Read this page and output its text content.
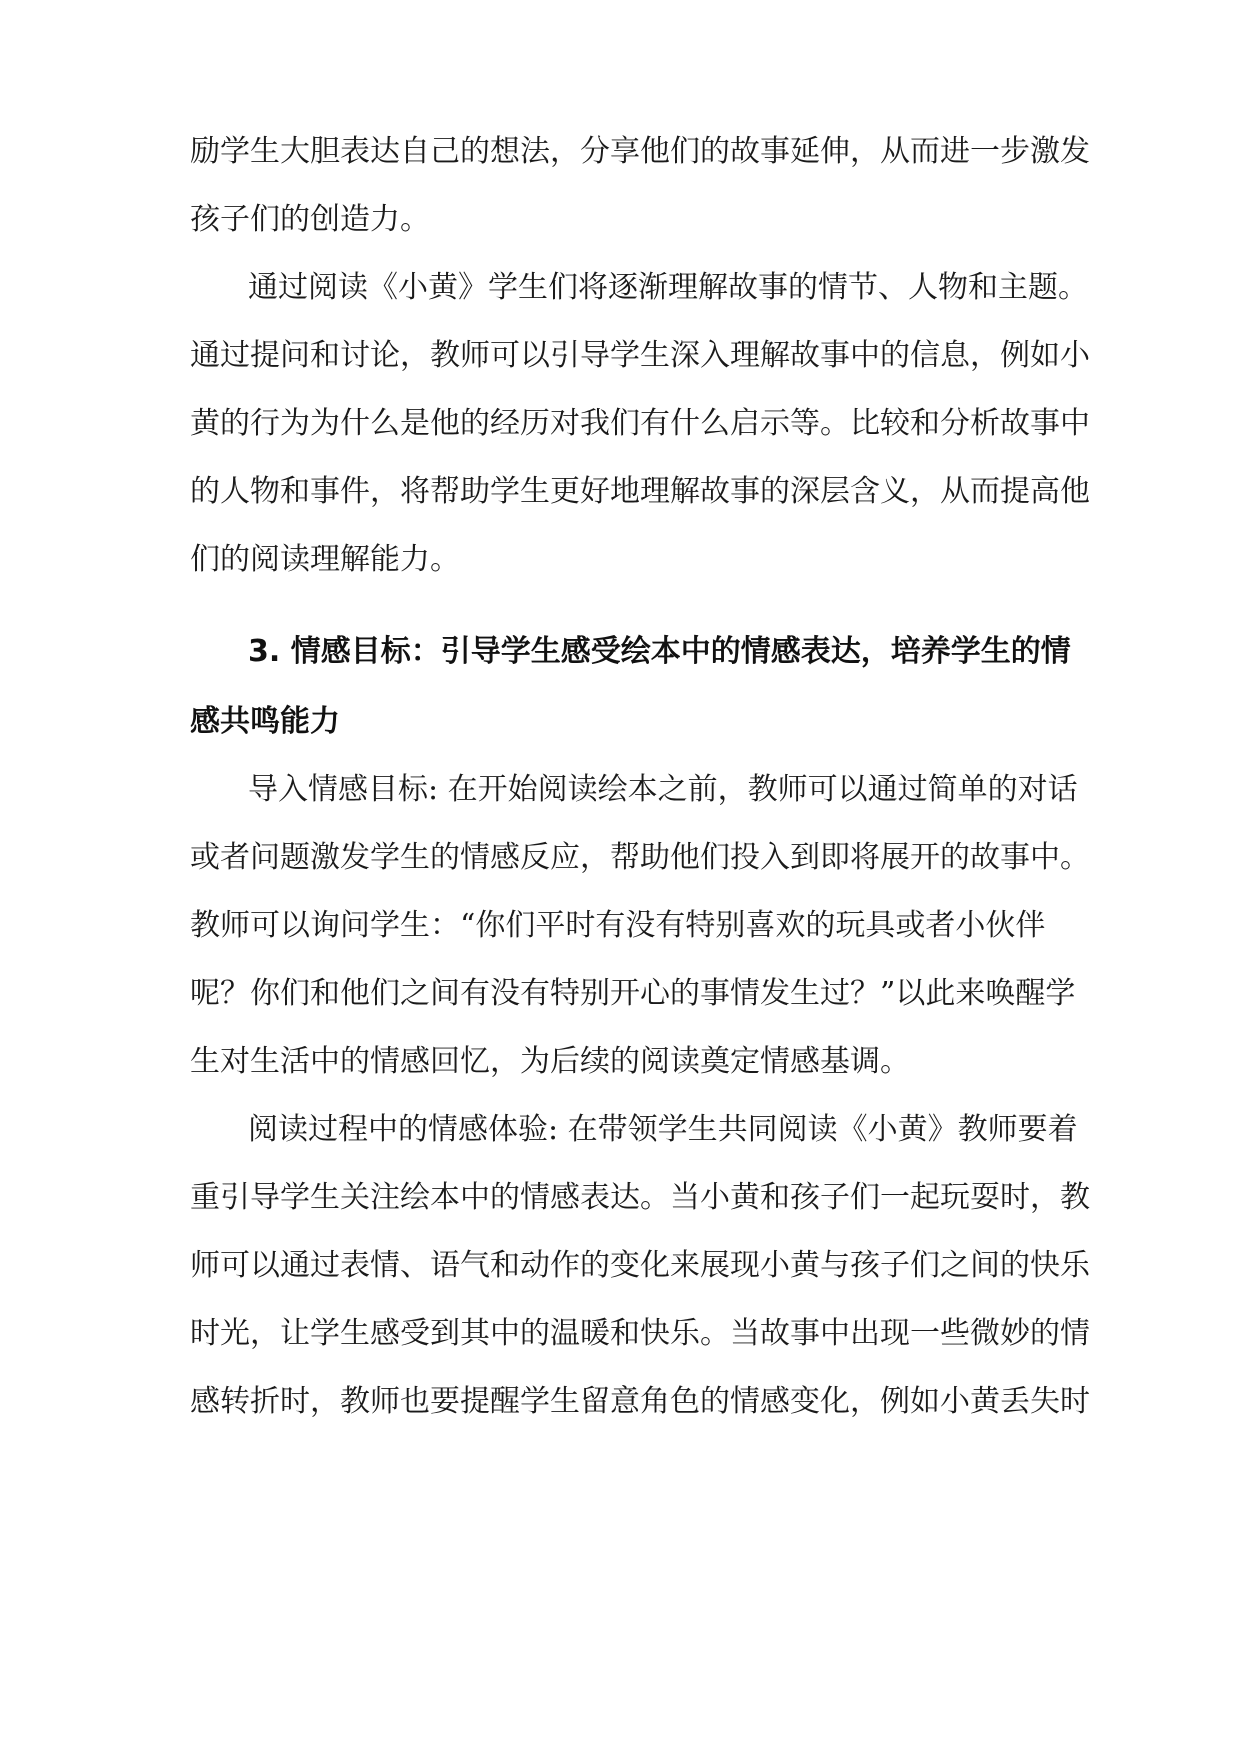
励学生大胆表达自己的想法，分享他们的故事延伸，从而进一步激发
孩子们的创造力。
通过阅读《小黄》学生们将逐渐理解故事的情节、人物和主题。
通过提问和讨论，教师可以引导学生深入理解故事中的信息，例如小
黄的行为为什么是他的经历对我们有什么启示等。比较和分析故事中
的人物和事件，将帮助学生更好地理解故事的深层含义，从而提高他
们的阅读理解能力。
3. 情感目标：引导学生感受绘本中的情感表达，培养学生的情
感共鸣能力
导入情感目标: 在开始阅读绘本之前，教师可以通过简单的对话
或者问题激发学生的情感反应，帮助他们投入到即将展开的故事中。
教师可以询问学生：“你们平时有没有特别喜欢的玩具或者小伙伴
呢？你们和他们之间有没有特别开心的事情发生过？”以此来唤醒学
生对生活中的情感回忆，为后续的阅读奠定情感基调。
阅读过程中的情感体验: 在带领学生共同阅读《小黄》教师要着
重引导学生关注绘本中的情感表达。当小黄和孩子们一起玩耍时，教
师可以通过表情、语气和动作的变化来展现小黄与孩子们之间的快乐
时光，让学生感受到其中的温暖和快乐。当故事中出现一些微妙的情
感转折时，教师也要提醒学生留意角色的情感变化，例如小黄丢失时
